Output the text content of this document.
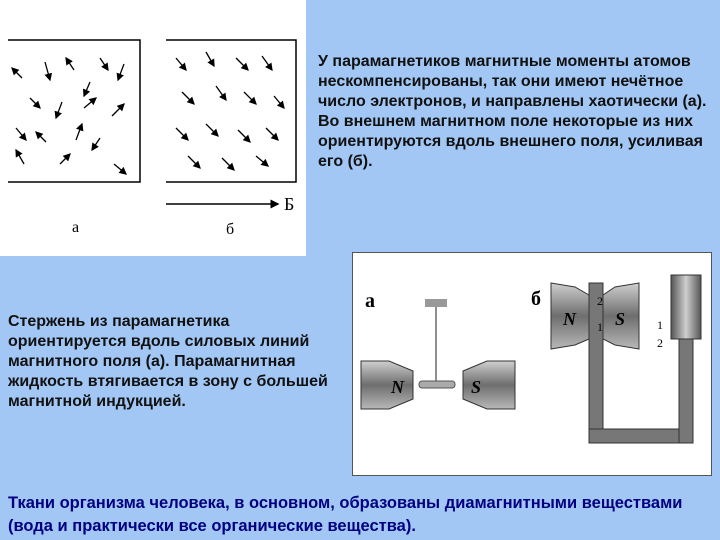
Б
а	б

У парамагнетиков магнитные моменты атомов нескомпенсированы, так они имеют нечётное число электронов, и направлены хаотически (а). Во внешнем магнитном поле некоторые из них ориентируются вдоль внешнего поля, усиливая его (б).

а
N	S
б
N S
2
1	1
2

Стержень из парамагнетика ориентируется вдоль силовых линий магнитного поля (а). Парамагнитная жидкость втягивается в зону с большей магнитной индукцией.

Ткани организма человека, в основном, образованы диамагнитными веществами (вода и практически все органические вещества).
